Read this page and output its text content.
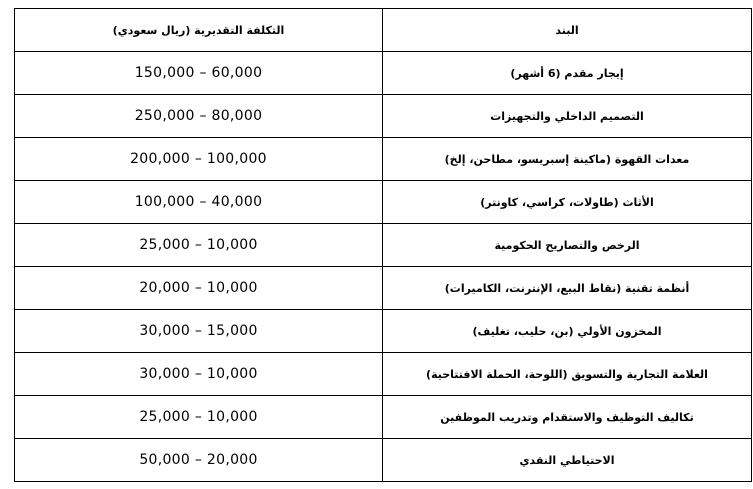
التكلفة التقديرية (ريال سعودي)	البند
150,000 – 60,000	إيجار مقدم (6 أشهر)
250,000 – 80,000	التصميم الداخلي والتجهيزات
200,000 – 100,000	معدات القهوة (ماكينة إسبريسو، مطاحن، إلخ)
100,000 – 40,000	الأثاث (طاولات، كراسي، كاونتر)
25,000 – 10,000	الرخص والتصاريح الحكومية
20,000 – 10,000	أنظمة تقنية (نقاط البيع، الإنترنت، الكاميرات)
30,000 – 15,000	المخزون الأولي (بن، حليب، تغليف)
30,000 – 10,000	العلامة التجارية والتسويق (اللوحة، الحملة الافتتاحية)
25,000 – 10,000	تكاليف التوظيف والاستقدام وتدريب الموظفين
50,000 – 20,000	الاحتياطي النقدي
